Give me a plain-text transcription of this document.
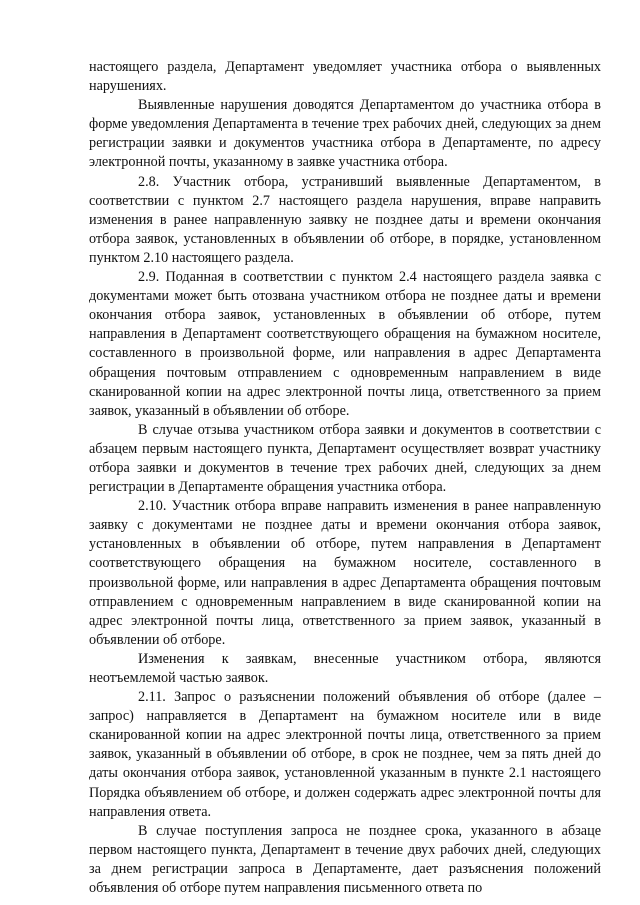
настоящего раздела, Департамент уведомляет участника отбора о выявленных нарушениях.

Выявленные нарушения доводятся Департаментом до участника отбора в форме уведомления Департамента в течение трех рабочих дней, следующих за днем регистрации заявки и документов участника отбора в Департаменте, по адресу электронной почты, указанному в заявке участника отбора.

2.8. Участник отбора, устранивший выявленные Департаментом, в соответствии с пунктом 2.7 настоящего раздела нарушения, вправе направить изменения в ранее направленную заявку не позднее даты и времени окончания отбора заявок, установленных в объявлении об отборе, в порядке, установленном пунктом 2.10 настоящего раздела.

2.9. Поданная в соответствии с пунктом 2.4 настоящего раздела заявка с документами может быть отозвана участником отбора не позднее даты и времени окончания отбора заявок, установленных в объявлении об отборе, путем направления в Департамент соответствующего обращения на бумажном носителе, составленного в произвольной форме, или направления в адрес Департамента обращения почтовым отправлением с одновременным направлением в виде сканированной копии на адрес электронной почты лица, ответственного за прием заявок, указанный в объявлении об отборе.

В случае отзыва участником отбора заявки и документов в соответствии с абзацем первым настоящего пункта, Департамент осуществляет возврат участнику отбора заявки и документов в течение трех рабочих дней, следующих за днем регистрации в Департаменте обращения участника отбора.

2.10. Участник отбора вправе направить изменения в ранее направленную заявку с документами не позднее даты и времени окончания отбора заявок, установленных в объявлении об отборе, путем направления в Департамент соответствующего обращения на бумажном носителе, составленного в произвольной форме, или направления в адрес Департамента обращения почтовым отправлением с одновременным направлением в виде сканированной копии на адрес электронной почты лица, ответственного за прием заявок, указанный в объявлении об отборе.

Изменения к заявкам, внесенные участником отбора, являются неотъемлемой частью заявок.

2.11. Запрос о разъяснении положений объявления об отборе (далее – запрос) направляется в Департамент на бумажном носителе или в виде сканированной копии на адрес электронной почты лица, ответственного за прием заявок, указанный в объявлении об отборе, в срок не позднее, чем за пять дней до даты окончания отбора заявок, установленной указанным в пункте 2.1 настоящего Порядка объявлением об отборе, и должен содержать адрес электронной почты для направления ответа.

В случае поступления запроса не позднее срока, указанного в абзаце первом настоящего пункта, Департамент в течение двух рабочих дней, следующих за днем регистрации запроса в Департаменте, дает разъяснения положений объявления об отборе путем направления письменного ответа по
